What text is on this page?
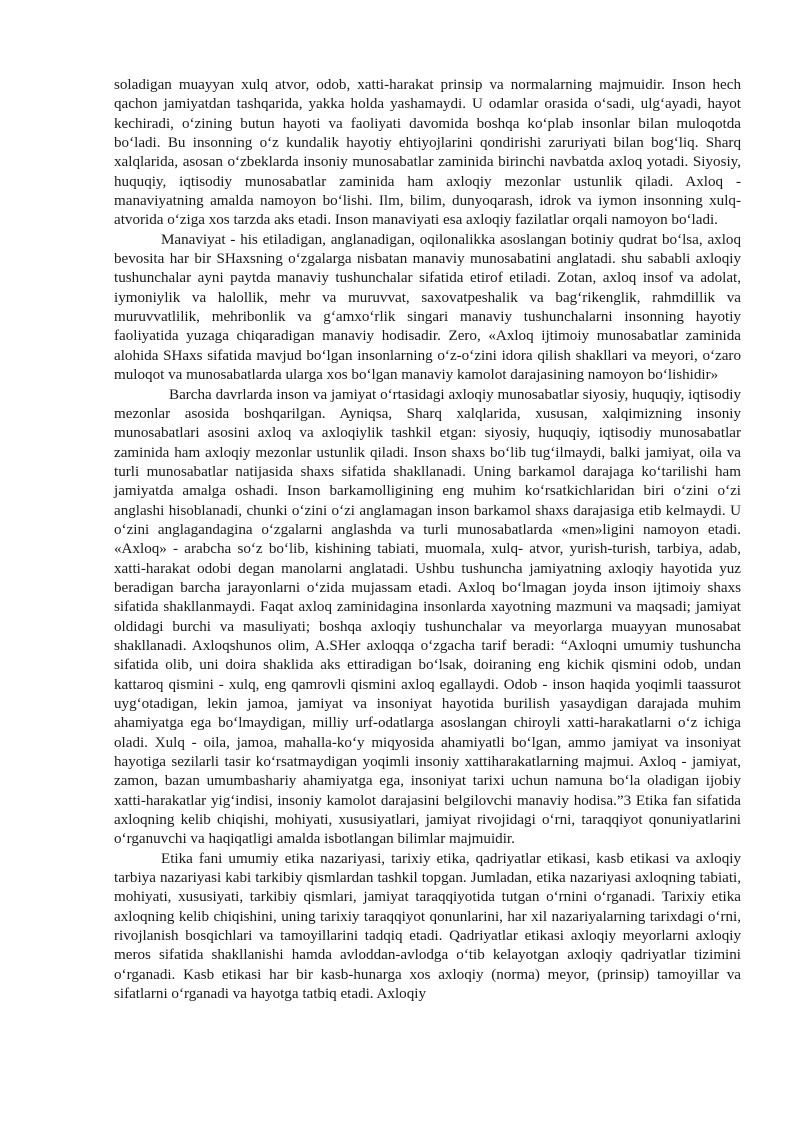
soladigan muayyan xulq atvor, odob, xatti-harakat prinsip va normalarning majmuidir. Inson hech qachon jamiyatdan tashqarida, yakka holda yashamaydi. U odamlar orasida oʻsadi, ulgʻayadi, hayot kechiradi, oʻzining butun hayoti va faoliyati davomida boshqa koʻplab insonlar bilan muloqotda boʻladi. Bu insonning oʻz kundalik hayotiy ehtiyojlarini qondirishi zaruriyati bilan bogʻliq. Sharq xalqlarida, asosan oʻzbeklarda insoniy munosabatlar zaminida birinchi navbatda axloq yotadi. Siyosiy, huquqiy, iqtisodiy munosabatlar zaminida ham axloqiy mezonlar ustunlik qiladi. Axloq - manaviyatning amalda namoyon boʻlishi. Ilm, bilim, dunyoqarash, idrok va iymon insonning xulq-atvorida oʻziga xos tarzda aks etadi. Inson manaviyati esa axloqiy fazilatlar orqali namoyon boʻladi.

Manaviyat - his etiladigan, anglanadigan, oqilonalikka asoslangan botiniy qudrat boʻlsa, axloq bevosita har bir SHaxsning oʻzgalarga nisbatan manaviy munosabatini anglatadi. shu sababli axloqiy tushunchalar ayni paytda manaviy tushunchalar sifatida etirof etiladi. Zotan, axloq insof va adolat, iymoniylik va halollik, mehr va muruvvat, saxovatpeshalik va bagʻrikenglik, rahmdillik va muruvvatlilik, mehribonlik va gʻamxoʻrlik singari manaviy tushunchalarni insonning hayotiy faoliyatida yuzaga chiqaradigan manaviy hodisadir. Zero, «Axloq ijtimoiy munosabatlar zaminida alohida SHaxs sifatida mavjud boʻlgan insonlarning oʻz-oʻzini idora qilish shakllari va meyori, oʻzaro muloqot va munosabatlarda ularga xos boʻlgan manaviy kamolot darajasining namoyon boʻlishidir»

Barcha davrlarda inson va jamiyat oʻrtasidagi axloqiy munosabatlar siyosiy, huquqiy, iqtisodiy mezonlar asosida boshqarilgan. Ayniqsa, Sharq xalqlarida, xususan, xalqimizning insoniy munosabatlari asosini axloq va axloqiylik tashkil etgan: siyosiy, huquqiy, iqtisodiy munosabatlar zaminida ham axloqiy mezonlar ustunlik qiladi. Inson shaxs boʻlib tugʻilmaydi, balki jamiyat, oila va turli munosabatlar natijasida shaxs sifatida shakllanadi. Uning barkamol darajaga koʻtarilishi ham jamiyatda amalga oshadi. Inson barkamolligining eng muhim koʻrsatkichlaridan biri oʻzini oʻzi anglashi hisoblanadi, chunki oʻzini oʻzi anglamagan inson barkamol shaxs darajasiga etib kelmaydi. U oʻzini anglagandagina oʻzgalarni anglashda va turli munosabatlarda «men»ligini namoyon etadi. «Axloq» - arabcha soʻz boʻlib, kishining tabiati, muomala, xulq- atvor, yurish-turish, tarbiya, adab, xatti-harakat odobi degan manolarni anglatadi. Ushbu tushuncha jamiyatning axloqiy hayotida yuz beradigan barcha jarayonlarni oʻzida mujassam etadi. Axloq boʻlmagan joyda inson ijtimoiy shaxs sifatida shakllanmaydi. Faqat axloq zaminidagina insonlarda xayotning mazmuni va maqsadi; jamiyat oldidagi burchi va masuliyati; boshqa axloqiy tushunchalar va meyorlarga muayyan munosabat shakllanadi. Axloqshunos olim, A.SHer axloqqa oʻzgacha tarif beradi: “Axloqni umumiy tushuncha sifatida olib, uni doira shaklida aks ettiradigan boʻlsak, doiraning eng kichik qismini odob, undan kattaroq qismini - xulq, eng qamrovli qismini axloq egallaydi. Odob - inson haqida yoqimli taassurot uygʻotadigan, lekin jamoa, jamiyat va insoniyat hayotida burilish yasaydigan darajada muhim ahamiyatga ega boʻlmaydigan, milliy urf-odatlarga asoslangan chiroyli xatti-harakatlarni oʻz ichiga oladi. Xulq - oila, jamoa, mahalla-koʻy miqyosida ahamiyatli boʻlgan, ammo jamiyat va insoniyat hayotiga sezilarli tasir koʻrsatmaydigan yoqimli insoniy xattiharakatlarning majmui. Axloq - jamiyat, zamon, bazan umumbashariy ahamiyatga ega, insoniyat tarixi uchun namuna boʻla oladigan ijobiy xatti-harakatlar yigʻindisi, insoniy kamolot darajasini belgilovchi manaviy hodisa.”3 Etika fan sifatida axloqning kelib chiqishi, mohiyati, xususiyatlari, jamiyat rivojidagi oʻrni, taraqqiyot qonuniyatlarini oʻrganuvchi va haqiqatligi amalda isbotlangan bilimlar majmuidir.

Etika fani umumiy etika nazariyasi, tarixiy etika, qadriyatlar etikasi, kasb etikasi va axloqiy tarbiya nazariyasi kabi tarkibiy qismlardan tashkil topgan. Jumladan, etika nazariyasi axloqning tabiati, mohiyati, xususiyati, tarkibiy qismlari, jamiyat taraqqiyotida tutgan oʻrnini oʻrganadi. Tarixiy etika axloqning kelib chiqishini, uning tarixiy taraqqiyot qonunlarini, har xil nazariyalarning tarixdagi oʻrni, rivojlanish bosqichlari va tamoyillarini tadqiq etadi. Qadriyatlar etikasi axloqiy meyorlarni axloqiy meros sifatida shakllanishi hamda avloddan-avlodga oʻtib kelayotgan axloqiy qadriyatlar tizimini oʻrganadi. Kasb etikasi har bir kasb-hunarga xos axloqiy (norma) meyor, (prinsip) tamoyillar va sifatlarni oʻrganadi va hayotga tatbiq etadi. Axloqiy
